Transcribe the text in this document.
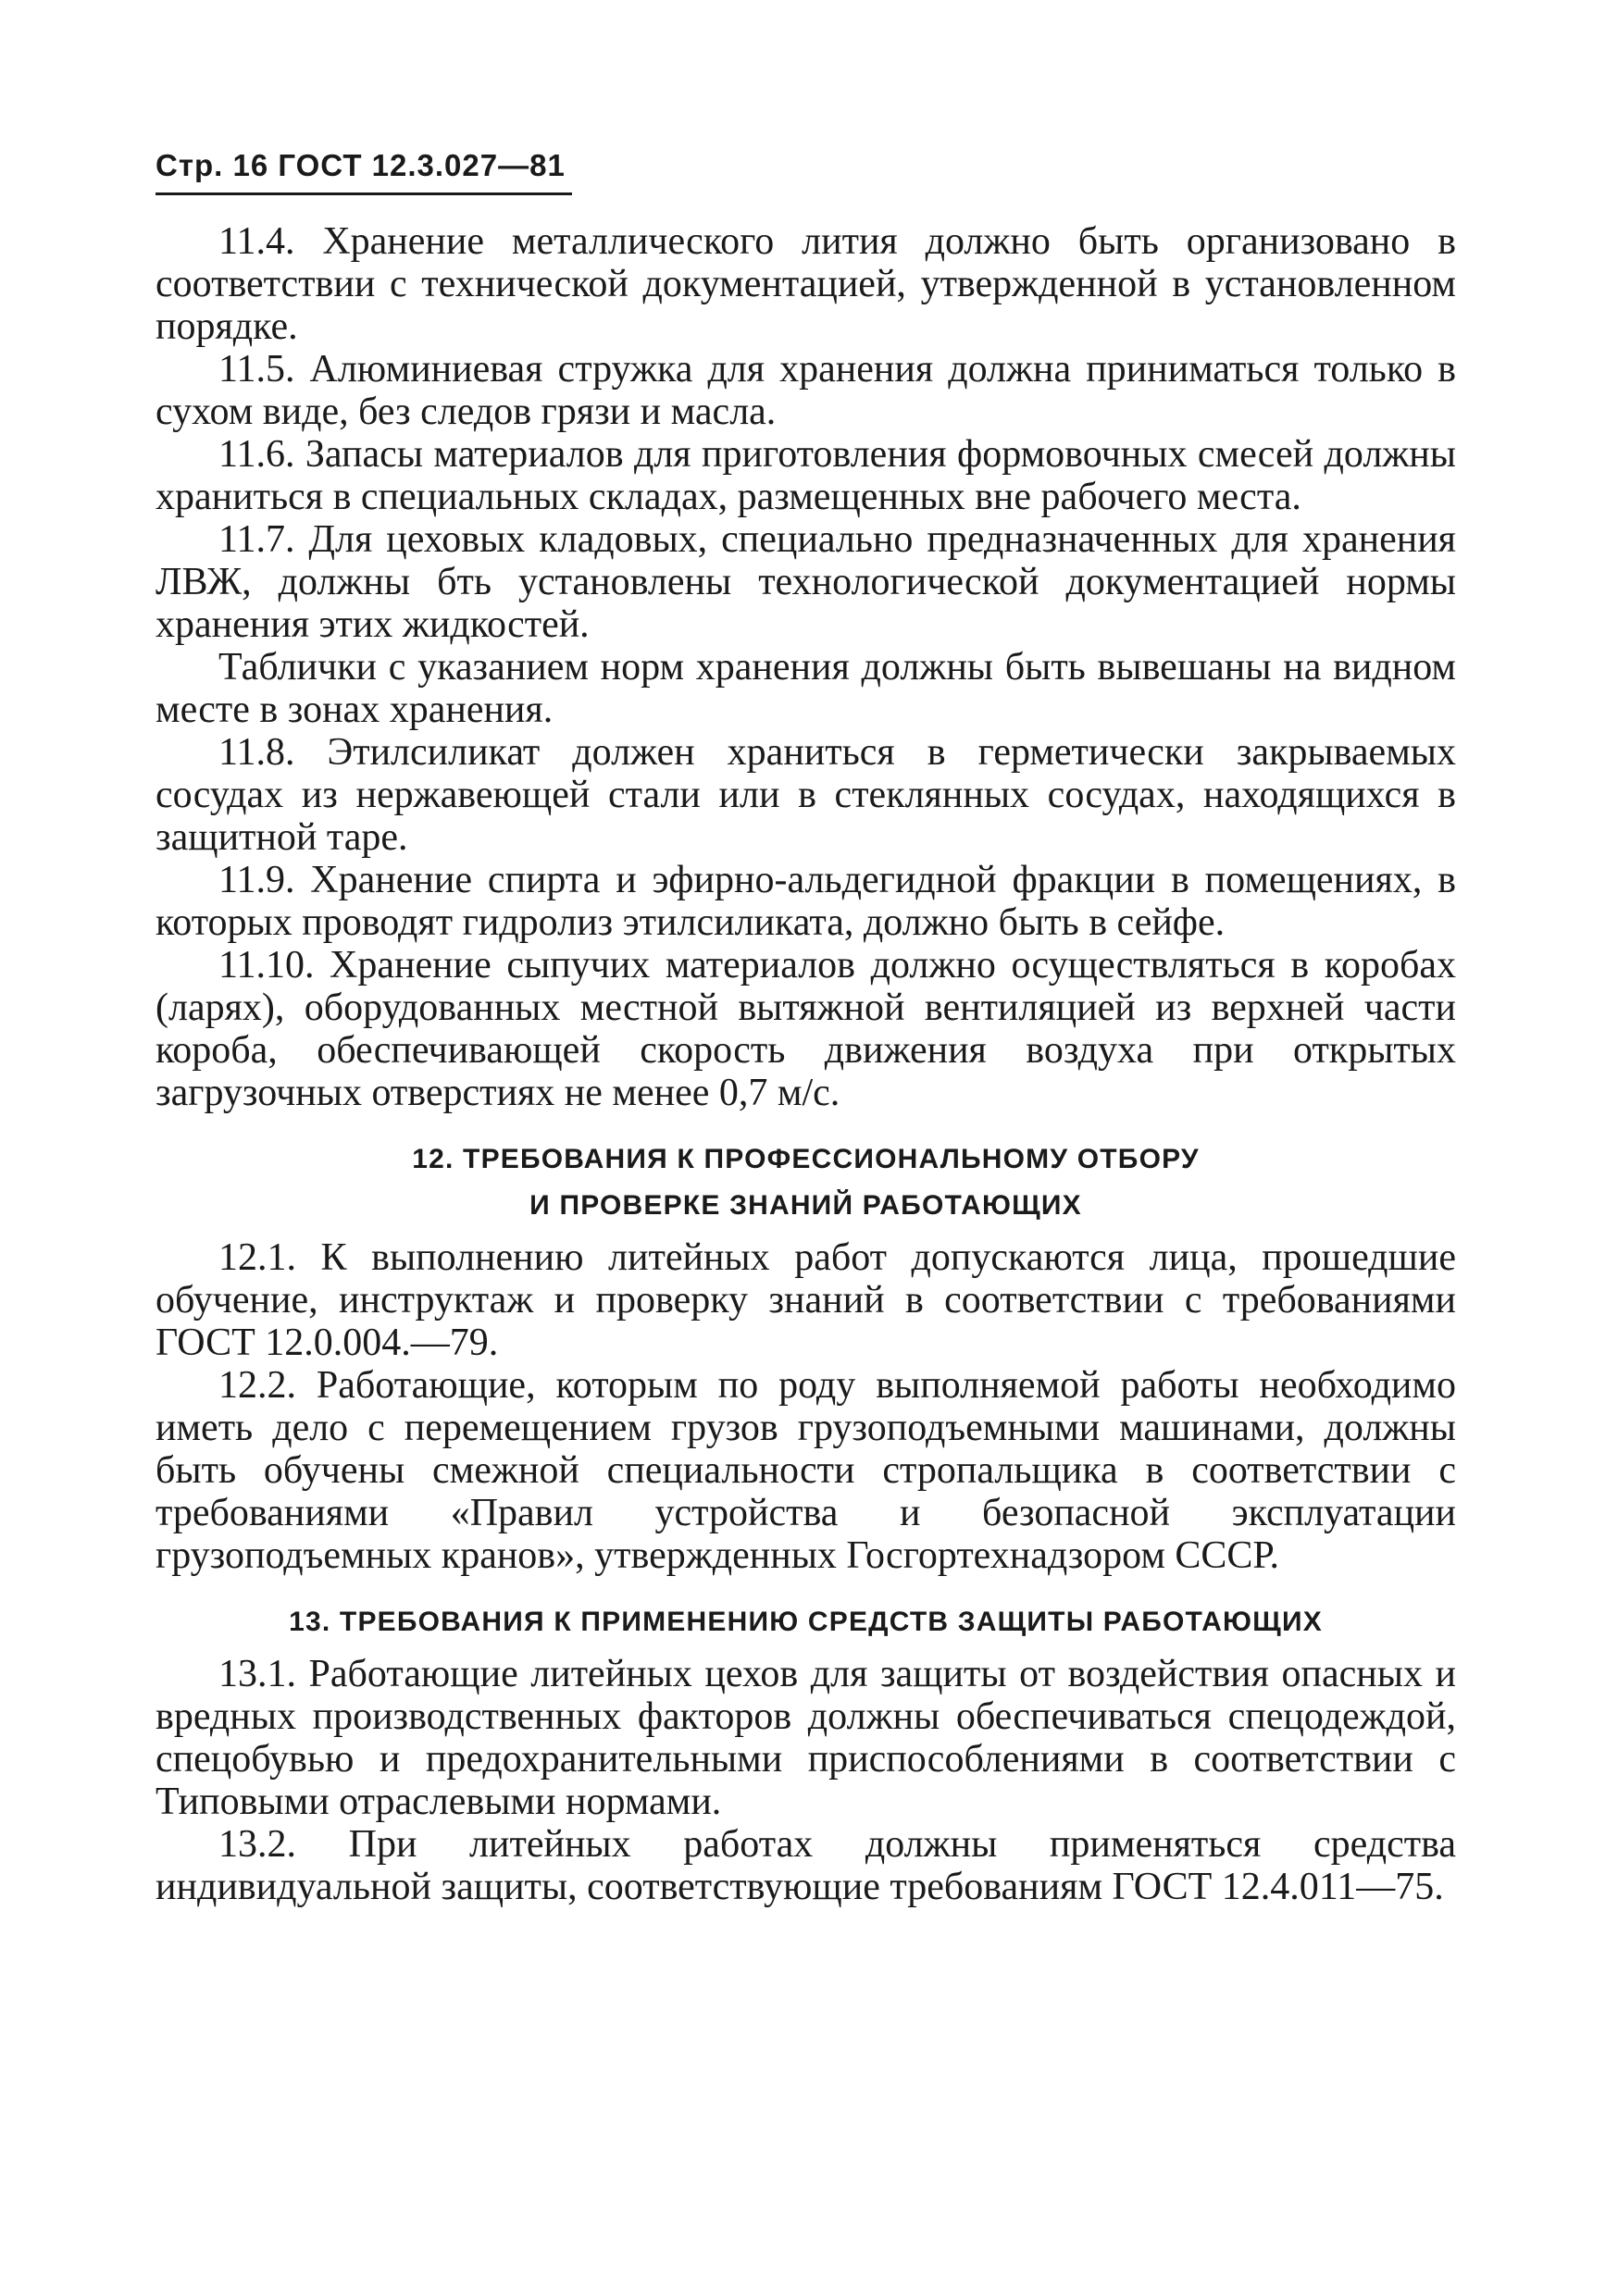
Стр. 16 ГОСТ 12.3.027—81

11.4. Хранение металлического лития должно быть организовано в соответствии с технической документацией, утвержденной в установленном порядке.

11.5. Алюминиевая стружка для хранения должна приниматься только в сухом виде, без следов грязи и масла.

11.6. Запасы материалов для приготовления формовочных смесей должны храниться в специальных складах, размещенных вне рабочего места.

11.7. Для цеховых кладовых, специально предназначенных для хранения ЛВЖ, должны бть установлены технологической документацией нормы хранения этих жидкостей.

Таблички с указанием норм хранения должны быть вывешаны на видном месте в зонах хранения.

11.8. Этилсиликат должен храниться в герметически закрываемых сосудах из нержавеющей стали или в стеклянных сосудах, находящихся в защитной таре.

11.9. Хранение спирта и эфирно-альдегидной фракции в помещениях, в которых проводят гидролиз этилсиликата, должно быть в сейфе.

11.10. Хранение сыпучих материалов должно осуществляться в коробах (ларях), оборудованных местной вытяжной вентиляцией из верхней части короба, обеспечивающей скорость движения воздуха при открытых загрузочных отверстиях не менее 0,7 м/с.

12. ТРЕБОВАНИЯ К ПРОФЕССИОНАЛЬНОМУ ОТБОРУ
И ПРОВЕРКЕ ЗНАНИЙ РАБОТАЮЩИХ

12.1. К выполнению литейных работ допускаются лица, прошедшие обучение, инструктаж и проверку знаний в соответствии с требованиями ГОСТ 12.0.004.—79.

12.2. Работающие, которым по роду выполняемой работы необходимо иметь дело с перемещением грузов грузоподъемными машинами, должны быть обучены смежной специальности стропальщика в соответствии с требованиями «Правил устройства и безопасной эксплуатации грузоподъемных кранов», утвержденных Госгортехнадзором СССР.

13. ТРЕБОВАНИЯ К ПРИМЕНЕНИЮ СРЕДСТВ ЗАЩИТЫ РАБОТАЮЩИХ

13.1. Работающие литейных цехов для защиты от воздействия опасных и вредных производственных факторов должны обеспечиваться спецодеждой, спецобувью и предохранительными приспособлениями в соответствии с Типовыми отраслевыми нормами.

13.2. При литейных работах должны применяться средства индивидуальной защиты, соответствующие требованиям ГОСТ 12.4.011—75.
